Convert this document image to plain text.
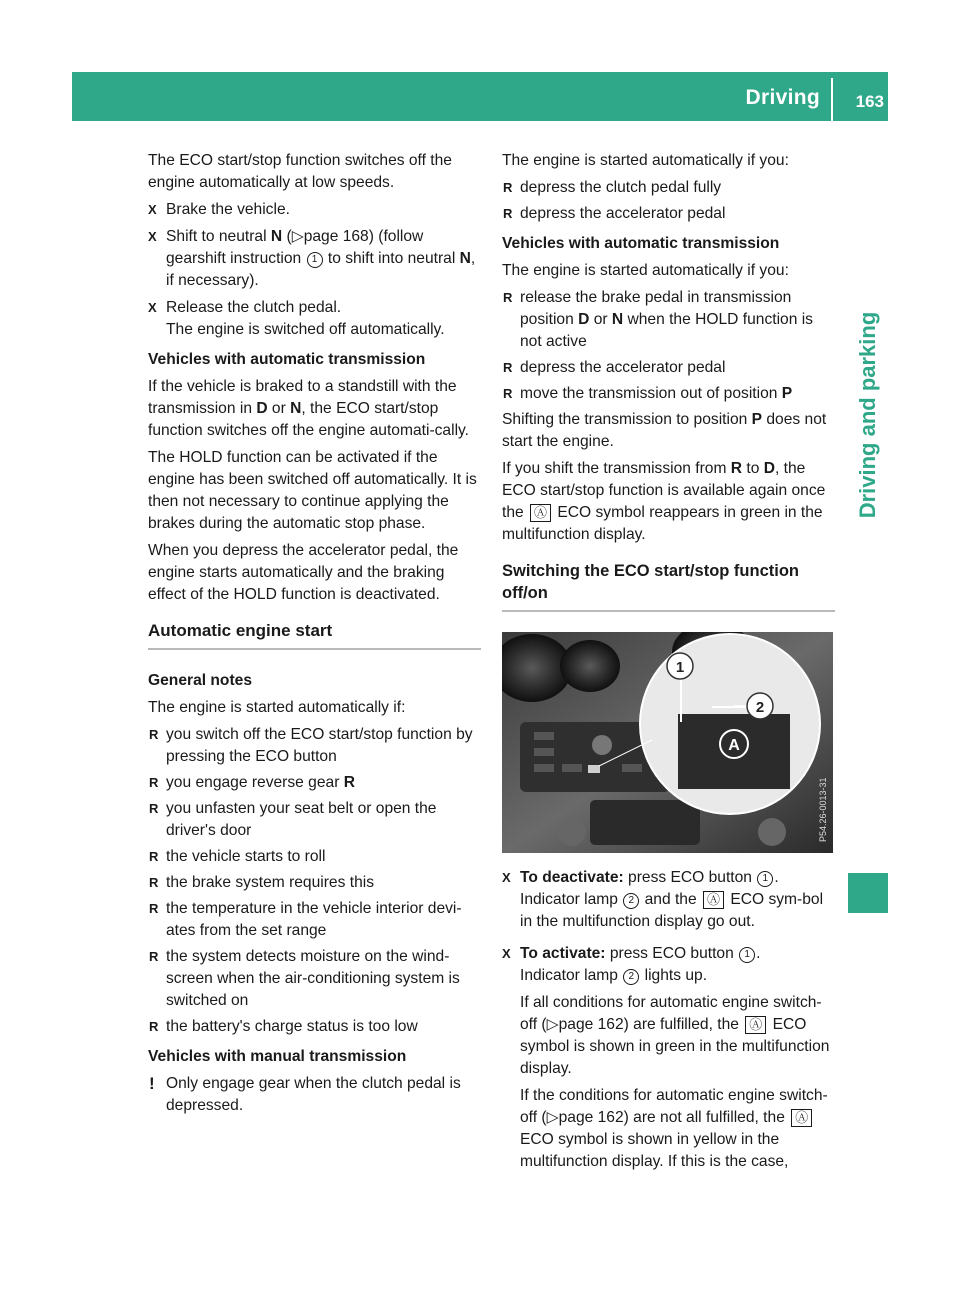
Driving 163
Driving and parking

The ECO start/stop function switches off the engine automatically at low speeds.

X Brake the vehicle.
X Shift to neutral N (▷page 168) (follow gearshift instruction 1 to shift into neutral N, if necessary).
X Release the clutch pedal.
The engine is switched off automatically.
Vehicles with automatic transmission

If the vehicle is braked to a standstill with the transmission in D or N, the ECO start/stop function switches off the engine automati-cally.

The HOLD function can be activated if the engine has been switched off automatically. It is then not necessary to continue applying the brakes during the automatic stop phase.

When you depress the accelerator pedal, the engine starts automatically and the braking effect of the HOLD function is deactivated.

Automatic engine start
General notes

The engine is started automatically if:

R you switch off the ECO start/stop function by pressing the ECO button
R you engage reverse gear R
R you unfasten your seat belt or open the driver's door
R the vehicle starts to roll
R the brake system requires this
R the temperature in the vehicle interior devi-ates from the set range
R the system detects moisture on the wind-screen when the air-conditioning system is switched on
R the battery's charge status is too low
Vehicles with manual transmission
! Only engage gear when the clutch pedal is depressed.

The engine is started automatically if you:

R depress the clutch pedal fully
R depress the accelerator pedal
Vehicles with automatic transmission

The engine is started automatically if you:

R release the brake pedal in transmission position D or N when the HOLD function is not active
R depress the accelerator pedal
R move the transmission out of position P

Shifting the transmission to position P does not start the engine.

If you shift the transmission from R to D, the ECO start/stop function is available again once the Ⓐ ECO symbol reappears in green in the multifunction display.

Switching the ECO start/stop function off/on
A
1
2
P54.26-0013-31
X To deactivate: press ECO button 1 .
Indicator lamp 2 and the Ⓐ ECO sym-bol in the multifunction display go out.
X To activate: press ECO button 1 .
Indicator lamp 2 lights up.

If all conditions for automatic engine switch-off (▷page 162) are fulfilled, the Ⓐ ECO symbol is shown in green in the multifunction display.

If the conditions for automatic engine switch-off (▷page 162) are not all fulfilled, the Ⓐ ECO symbol is shown in yellow in the multifunction display. If this is the case,
